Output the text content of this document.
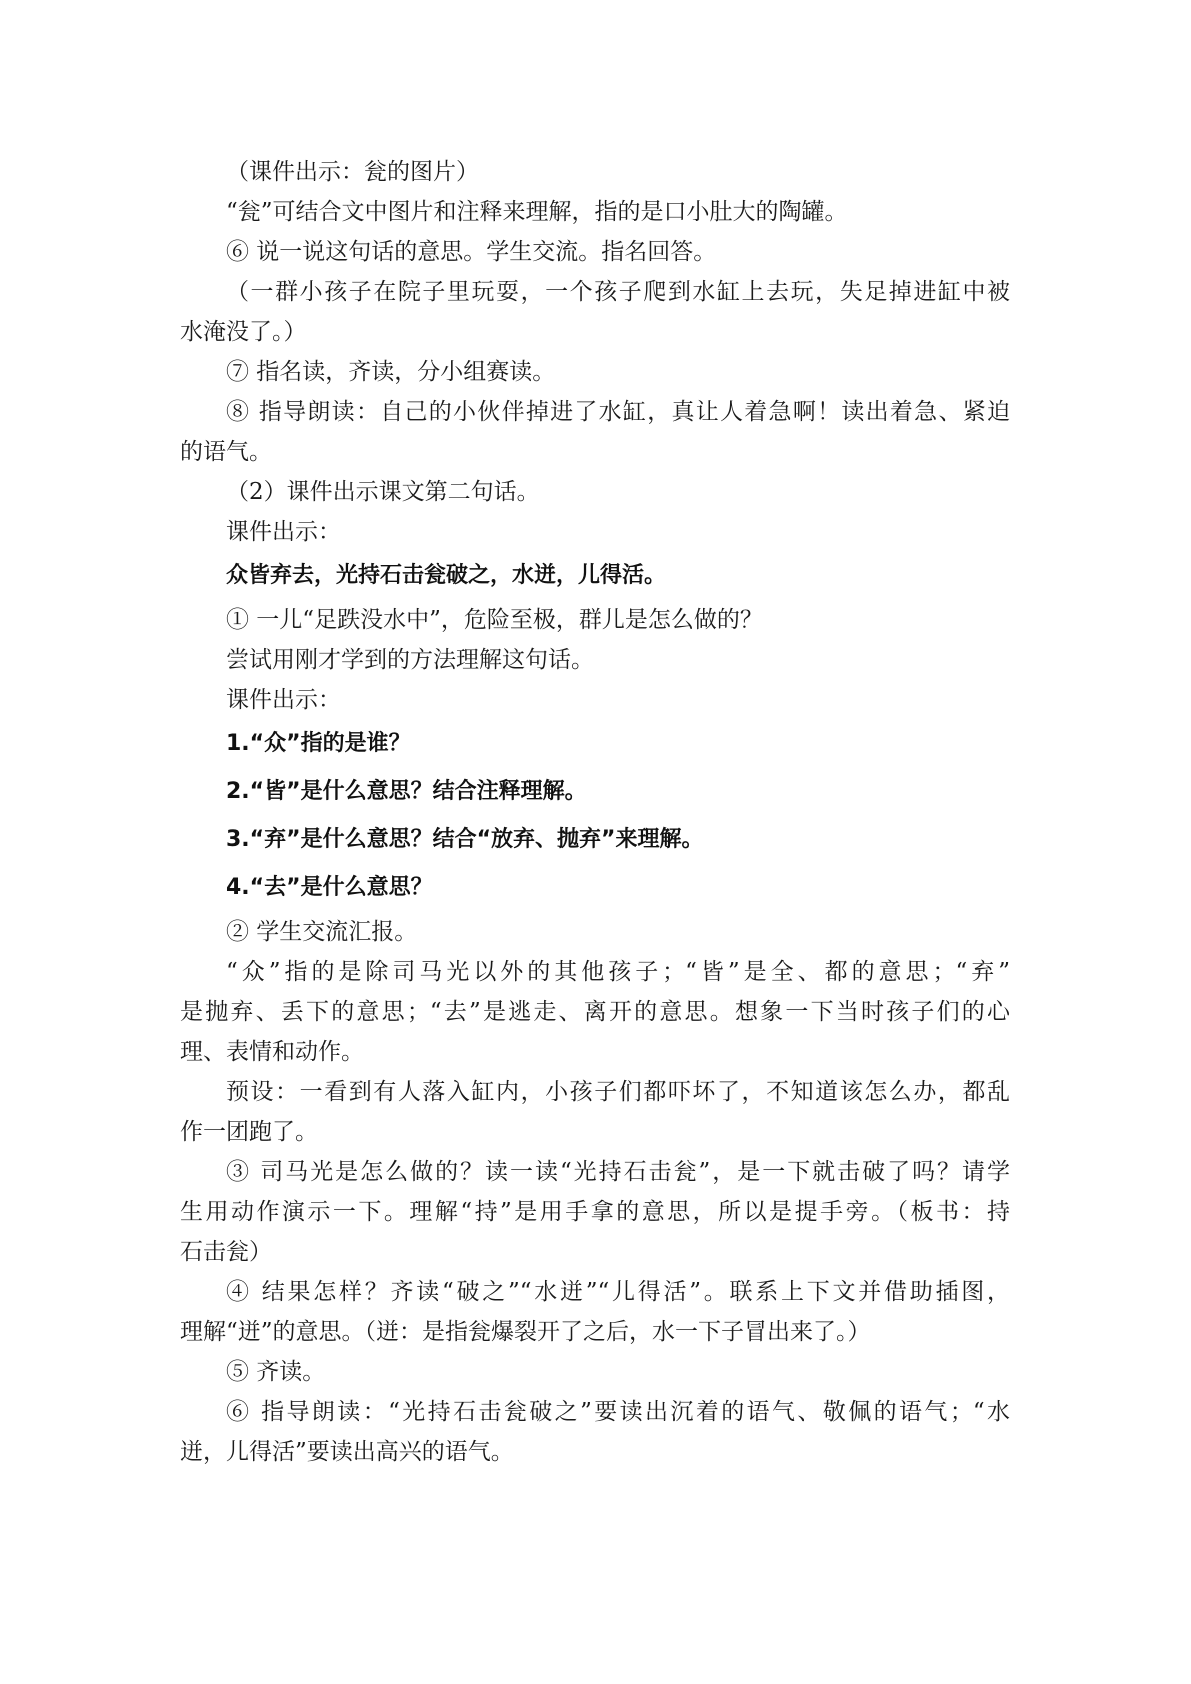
（课件出示：瓮的图片）
“瓮”可结合文中图片和注释来理解，指的是口小肚大的陶罐。
⑥ 说一说这句话的意思。学生交流。指名回答。
（一群小孩子在院子里玩耍，一个孩子爬到水缸上去玩，失足掉进缸中被
水淹没了。）
⑦ 指名读，齐读，分小组赛读。
⑧ 指导朗读：自己的小伙伴掉进了水缸，真让人着急啊！读出着急、紧迫
的语气。
（2）课件出示课文第二句话。
课件出示：
众皆弃去，光持石击瓮破之，水迸，儿得活。
① 一儿“足跌没水中”，危险至极，群儿是怎么做的？
尝试用刚才学到的方法理解这句话。
课件出示：
1.“众”指的是谁？
2.“皆”是什么意思？结合注释理解。
3.“弃”是什么意思？结合“放弃、抛弃”来理解。
4.“去”是什么意思？
② 学生交流汇报。
“众”指的是除司马光以外的其他孩子；“皆”是全、都的意思；“弃”
是抛弃、丢下的意思；“去”是逃走、离开的意思。想象一下当时孩子们的心
理、表情和动作。
预设：一看到有人落入缸内，小孩子们都吓坏了，不知道该怎么办，都乱
作一团跑了。
③ 司马光是怎么做的？读一读“光持石击瓮”，是一下就击破了吗？请学
生用动作演示一下。理解“持”是用手拿的意思，所以是提手旁。（板书：持
石击瓮）
④ 结果怎样？齐读“破之”“水迸”“儿得活”。联系上下文并借助插图，
理解“迸”的意思。（迸：是指瓮爆裂开了之后，水一下子冒出来了。）
⑤ 齐读。
⑥ 指导朗读：“光持石击瓮破之”要读出沉着的语气、敬佩的语气；“水
迸，儿得活”要读出高兴的语气。
